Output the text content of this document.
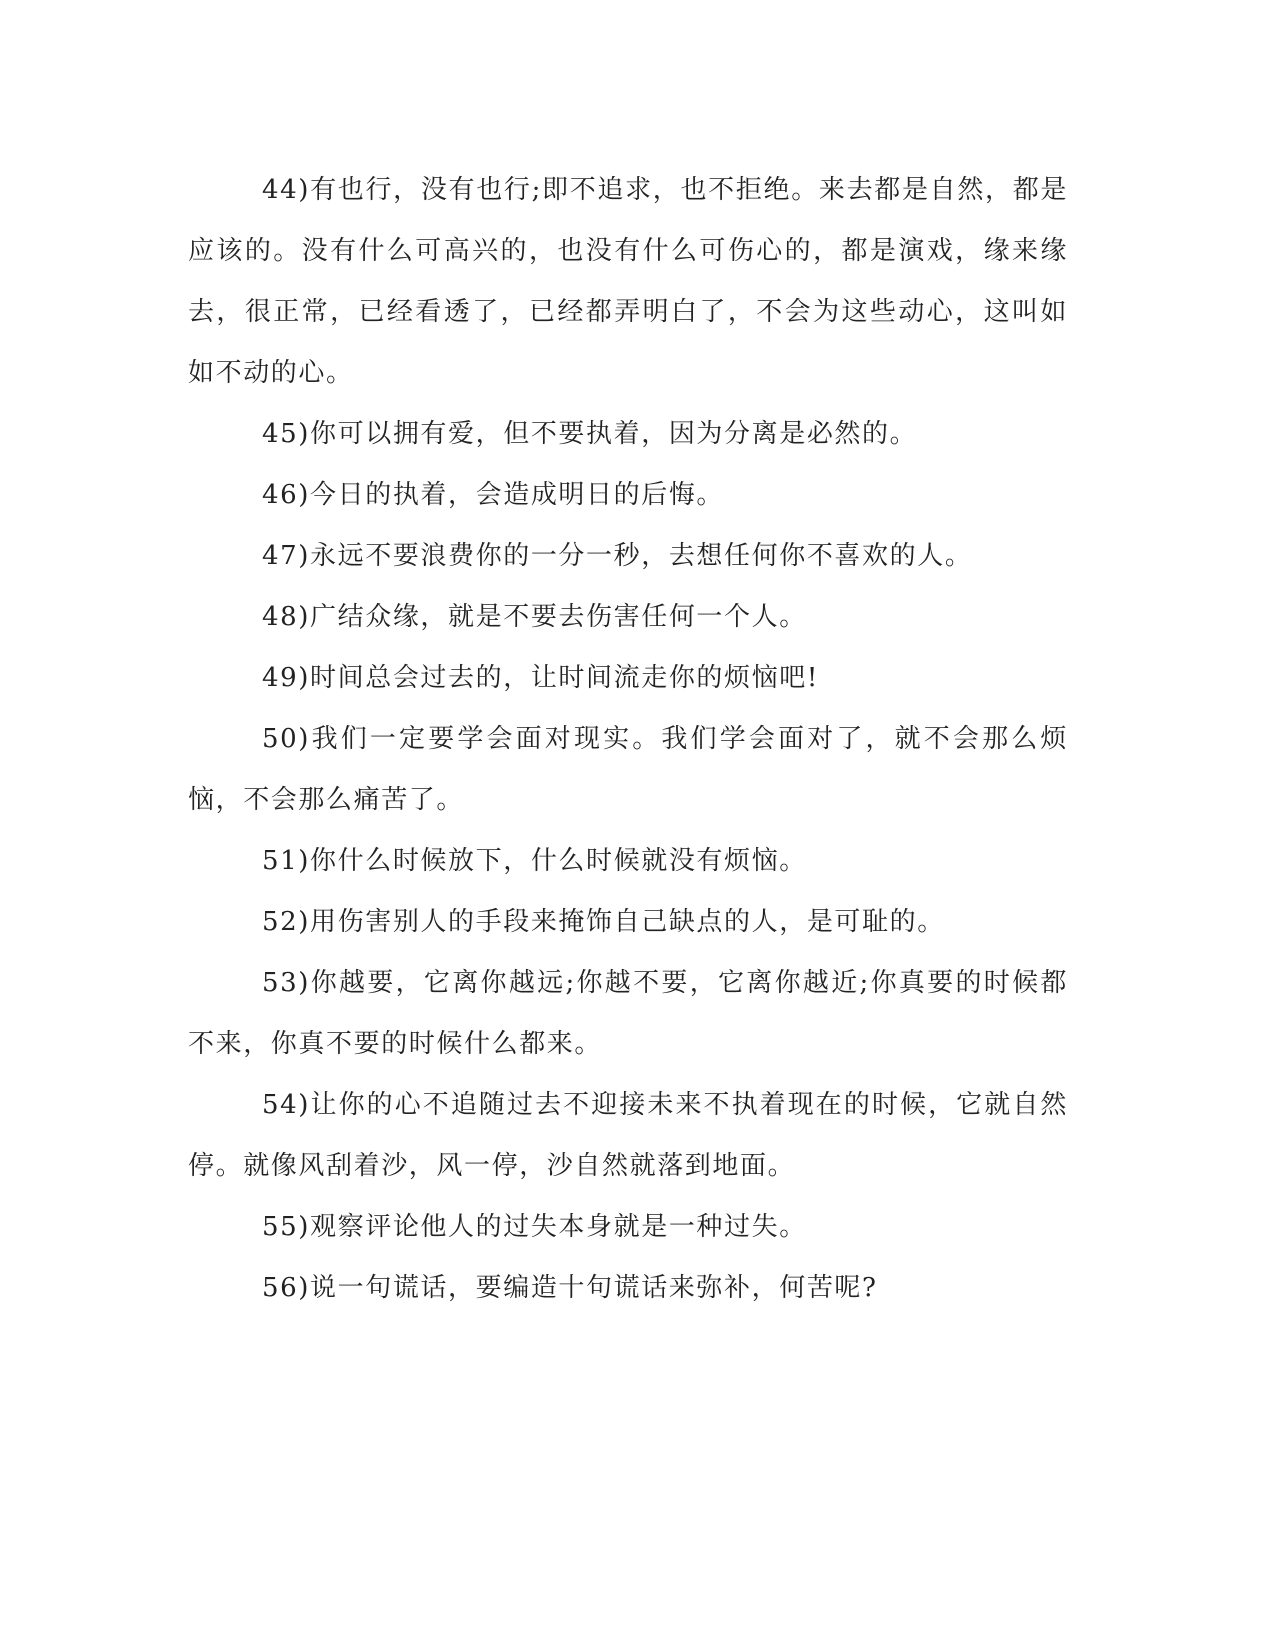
44)有也行，没有也行;即不追求，也不拒绝。来去都是自然，都是应该的。没有什么可高兴的，也没有什么可伤心的，都是演戏，缘来缘去，很正常，已经看透了，已经都弄明白了，不会为这些动心，这叫如如不动的心。

45)你可以拥有爱，但不要执着，因为分离是必然的。

46)今日的执着，会造成明日的后悔。

47)永远不要浪费你的一分一秒，去想任何你不喜欢的人。

48)广结众缘，就是不要去伤害任何一个人。

49)时间总会过去的，让时间流走你的烦恼吧!

50)我们一定要学会面对现实。我们学会面对了，就不会那么烦恼，不会那么痛苦了。

51)你什么时候放下，什么时候就没有烦恼。

52)用伤害别人的手段来掩饰自己缺点的人，是可耻的。

53)你越要，它离你越远;你越不要，它离你越近;你真要的时候都不来，你真不要的时候什么都来。

54)让你的心不追随过去不迎接未来不执着现在的时候，它就自然停。就像风刮着沙，风一停，沙自然就落到地面。

55)观察评论他人的过失本身就是一种过失。

56)说一句谎话，要编造十句谎话来弥补，何苦呢?
